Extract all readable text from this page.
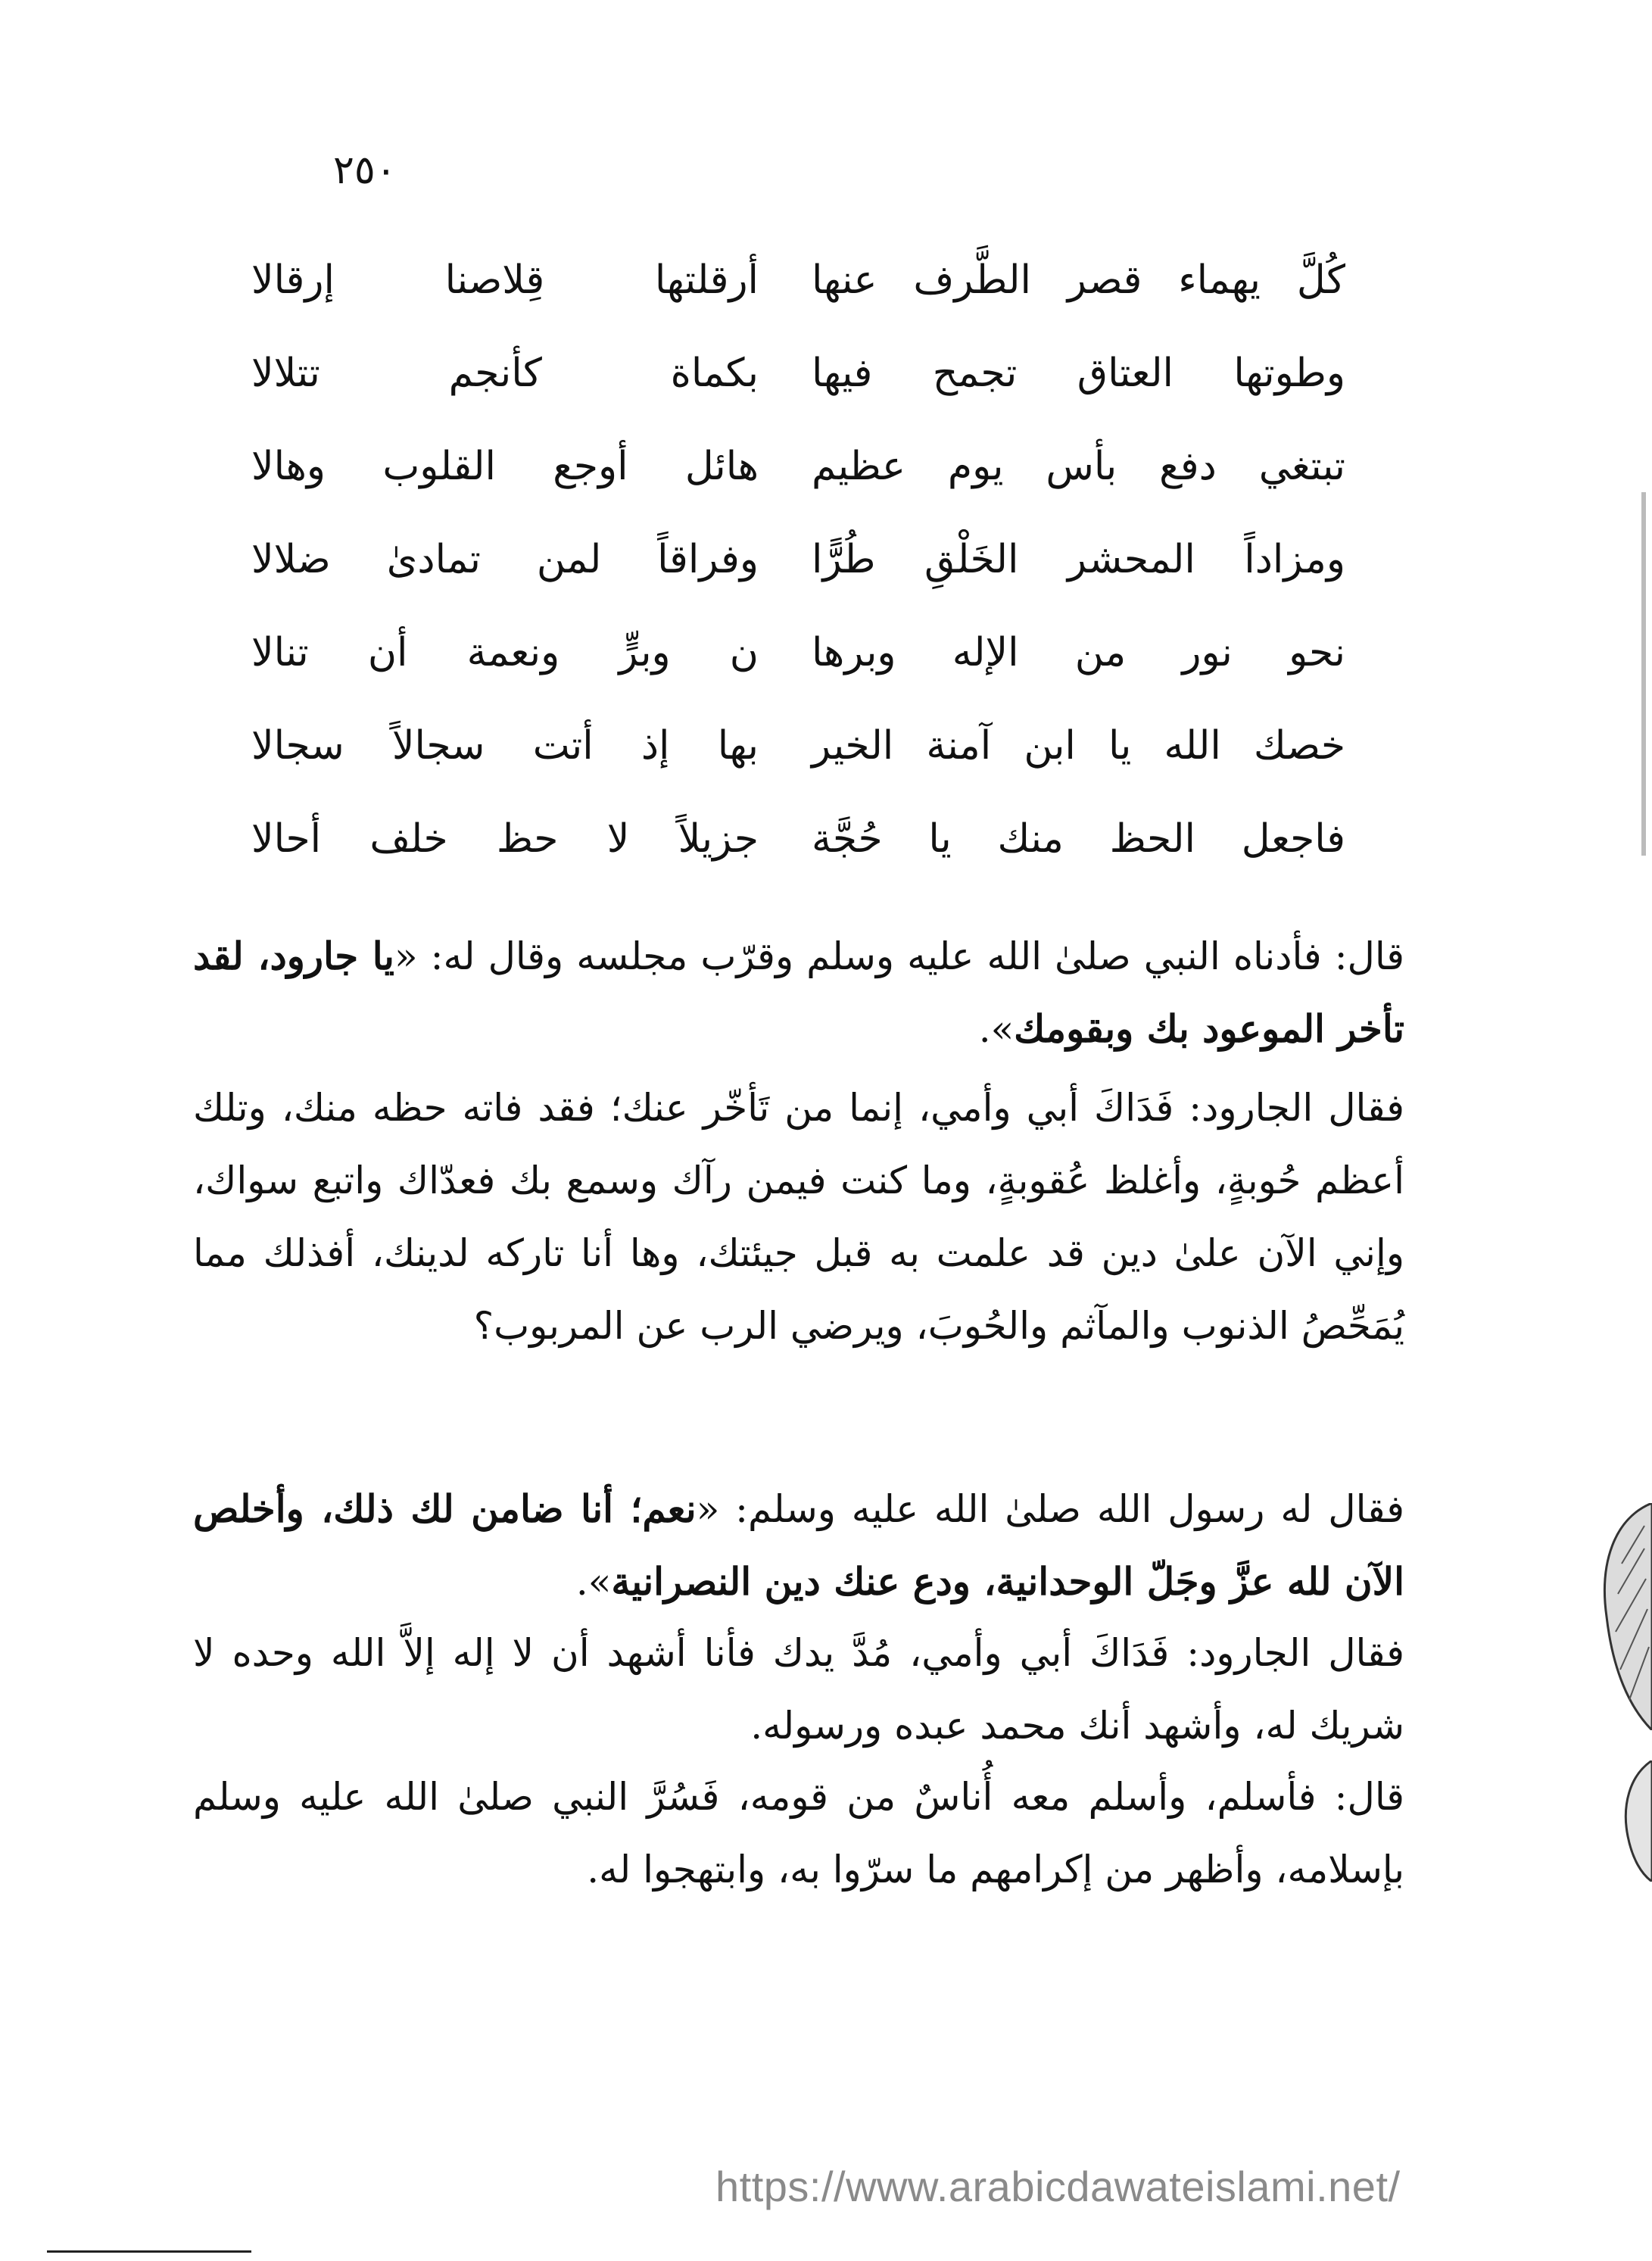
٢٥٠
كُلَّ يهماء قصر الطَّرف عنها
أرقلتها قِلاصنا إرقالا
وطوتها العتاق تجمح فيها
بكماة كأنجم تتلالا
تبتغي دفع بأس يوم عظيم
هائل أوجع القلوب وهالا
ومزاداً المحشر الخَلْقِ طُرًّا
وفراقاً لمن تمادىٰ ضلالا
نحو نور من الإله وبرها
ن وبرٍّ ونعمة أن تنالا
خصك الله يا ابن آمنة الخير
بها إذ أتت سجالاً سجالا
فاجعل الحظ منك يا حُجَّة
جزيلاً لا حظ خلف أحالا
قال: فأدناه النبي صلىٰ الله عليه وسلم وقرّب مجلسه وقال له: «يا جارود، لقد تأخر الموعود بك وبقومك».
فقال الجارود: فَدَاكَ أبي وأمي، إنما من تَأخّر عنك؛ فقد فاته حظه منك، وتلك أعظم حُوبةٍ، وأغلظ عُقوبةٍ، وما كنت فيمن رآك وسمع بك فعدّاك واتبع سواك، وإني الآن علىٰ دين قد علمت به قبل جيئتك، وها أنا تاركه لدينك، أفذلك مما يُمَحِّصُ الذنوب والمآثم والحُوبَ، ويرضي الرب عن المربوب؟
فقال له رسول الله صلىٰ الله عليه وسلم: «نعم؛ أنا ضامن لك ذلك، وأخلص الآن لله عزَّ وجَلّ الوحدانية، ودع عنك دين النصرانية».
فقال الجارود: فَدَاكَ أبي وأمي، مُدَّ يدك فأنا أشهد أن لا إله إلاَّ الله وحده لا شريك له، وأشهد أنك محمد عبده ورسوله.
قال: فأسلم، وأسلم معه أُناسٌ من قومه، فَسُرَّ النبي صلىٰ الله عليه وسلم بإسلامه، وأظهر من إكرامهم ما سرّوا به، وابتهجوا له.
https://www.arabicdawateislami.net/
